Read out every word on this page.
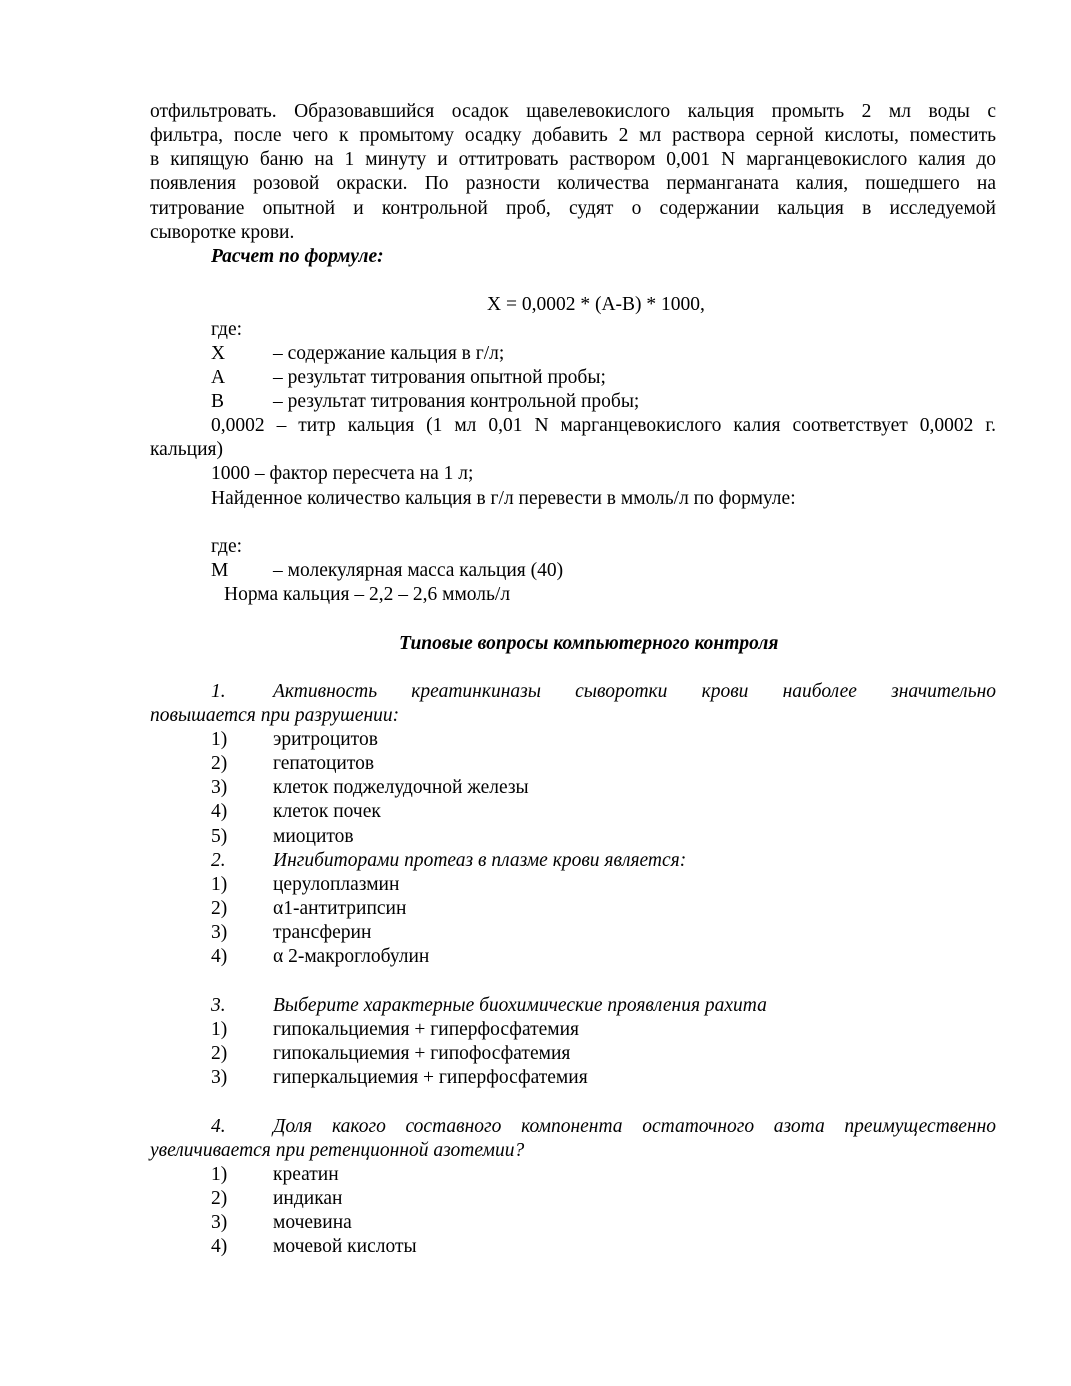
отфильтровать. Образовавшийся осадок щавелевокислого кальция промыть 2 мл воды с
фильтра, после чего к промытому осадку добавить 2 мл раствора серной кислоты, поместить
в кипящую баню на 1 минуту и оттитровать раствором 0,001 N марганцевокислого калия до
появления розовой окраски. По разности количества перманганата калия, пошедшего на
титрование опытной и контрольной проб, судят о содержании кальция в исследуемой
сыворотке крови.
Расчет по формуле:
X = 0,0002 * (A-B) * 1000,
где:
X – содержание кальция в г/л;
A – результат титрования опытной пробы;
B	– результат титрования контрольной пробы;
0,0002 – титр кальция (1 мл 0,01 N марганцевокислого калия соответствует 0,0002 г.
кальция)
1000 – фактор пересчета на 1 л;
Найденное количество кальция в г/л перевести в ммоль/л по формуле:
где:
M – молекулярная масса кальция (40)
Норма кальция – 2,2 – 2,6 ммоль/л
Типовые вопросы компьютерного контроля
1. Активность креатинкиназы сыворотки крови наиболее значительно
повышается при разрушении:
1) эритроцитов
2) гепатоцитов
3) клеток поджелудочной железы
4) клеток почек
5) миоцитов
2. Ингибиторами протеаз в плазме крови является:
1) церулоплазмин
2) α1-антитрипсин
3) трансферин
4) α 2-макроглобулин
3. Выберите характерные биохимические проявления рахита
1) гипокальциемия + гиперфосфатемия
2) гипокальциемия + гипофосфатемия
3) гиперкальциемия + гиперфосфатемия
4. Доля какого составного компонента остаточного азота преимущественно
увеличивается при ретенционной азотемии?
1) креатин
2) индикан
3) мочевина
4) мочевой кислоты
